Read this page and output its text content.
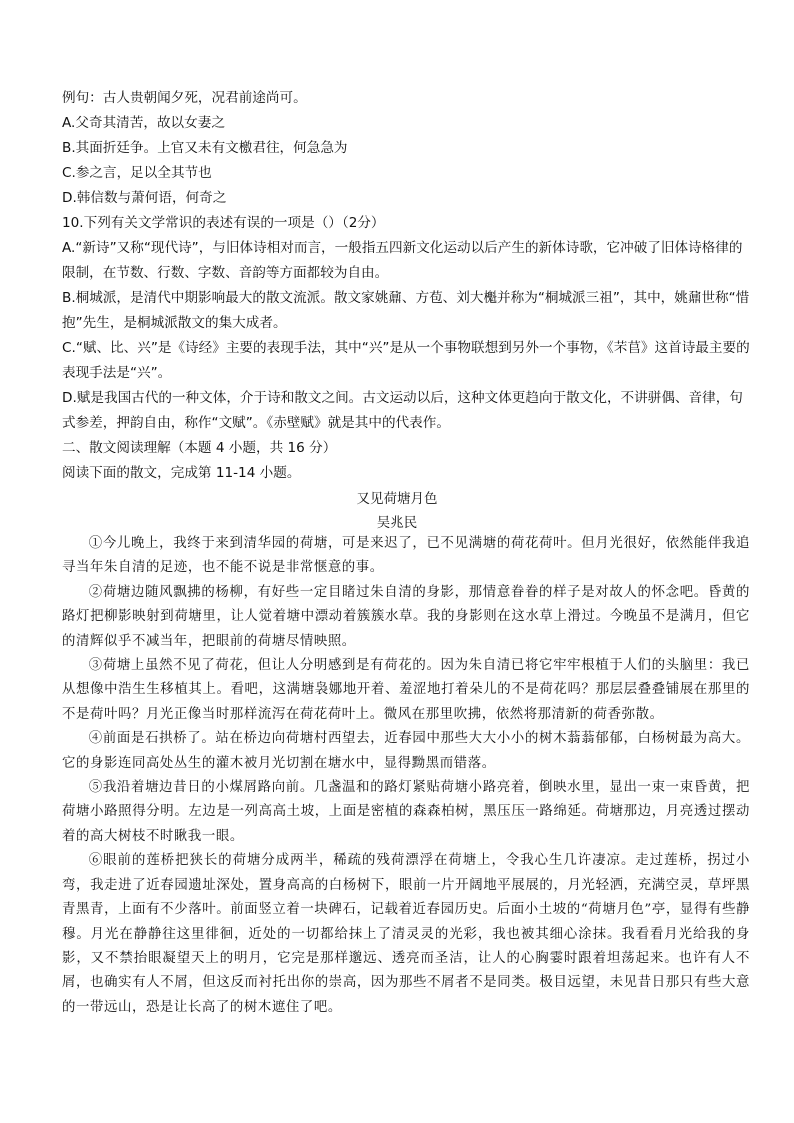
例句：古人贵朝闻夕死，况君前途尚可。

A.父奇其清苦，故以女妻之

B.其面折廷争。上官又未有文檄君往，何急急为

C.参之言，足以全其节也

D.韩信数与萧何语，何奇之

10.下列有关文学常识的表述有误的一项是（）（2分）

A.“新诗”又称“现代诗”，与旧体诗相对而言，一般指五四新文化运动以后产生的新体诗歌，它冲破了旧体诗格律的限制，在节数、行数、字数、音韵等方面都较为自由。

B.桐城派，是清代中期影响最大的散文流派。散文家姚鼐、方苞、刘大櫆并称为“桐城派三祖”，其中，姚鼐世称“惜抱”先生，是桐城派散文的集大成者。

C.“赋、比、兴”是《诗经》主要的表现手法，其中“兴”是从一个事物联想到另外一个事物，《芣苢》这首诗最主要的表现手法是“兴”。

D.赋是我国古代的一种文体，介于诗和散文之间。古文运动以后，这种文体更趋向于散文化，不讲骈偶、音律，句式参差，押韵自由，称作“文赋”。《赤壁赋》就是其中的代表作。

二、散文阅读理解（本题 4 小题，共 16 分）

阅读下面的散文，完成第 11-14 小题。

又见荷塘月色
吴兆民

①今儿晚上，我终于来到清华园的荷塘，可是来迟了，已不见满塘的荷花荷叶。但月光很好，依然能伴我追寻当年朱自清的足迹，也不能不说是非常惬意的事。

②荷塘边随风飘拂的杨柳，有好些一定目睹过朱自清的身影，那情意眷眷的样子是对故人的怀念吧。昏黄的路灯把柳影映射到荷塘里，让人觉着塘中漂动着簇簇水草。我的身影则在这水草上滑过。今晚虽不是满月，但它的清辉似乎不减当年，把眼前的荷塘尽情映照。

③荷塘上虽然不见了荷花，但让人分明感到是有荷花的。因为朱自清已将它牢牢根植于人们的头脑里：我已从想像中浩生生移植其上。看吧，这满塘袅娜地开着、羞涩地打着朵儿的不是荷花吗？那层层叠叠铺展在那里的不是荷叶吗？月光正像当时那样流泻在荷花荷叶上。微风在那里吹拂，依然将那清新的荷香弥散。

④前面是石拱桥了。站在桥边向荷塘村西望去，近春园中那些大大小小的树木蓊蓊郁郁，白杨树最为高大。它的身影连同高处丛生的灌木被月光切割在塘水中，显得黝黑而错落。

⑤我沿着塘边昔日的小煤屑路向前。几盏温和的路灯紧贴荷塘小路亮着，倒映水里，显出一束一束昏黄，把荷塘小路照得分明。左边是一列高高土坡，上面是密植的森森柏树，黑压压一路绵延。荷塘那边，月亮透过摆动着的高大树枝不时瞅我一眼。

⑥眼前的莲桥把狭长的荷塘分成两半，稀疏的残荷漂浮在荷塘上，令我心生几许凄凉。走过莲桥，拐过小弯，我走进了近春园遗址深处，置身高高的白杨树下，眼前一片开阔地平展展的，月光轻洒，充满空灵，草坪黑青黑青，上面有不少落叶。前面竖立着一块碑石，记载着近春园历史。后面小土坡的“荷塘月色”亭，显得有些静穆。月光在静静往这里徘徊，近处的一切都给抹上了清灵灵的光彩，我也被其细心涂抹。我看看月光给我的身影，又不禁抬眼凝望天上的明月，它完是那样邈远、透亮而圣洁，让人的心胸霎时跟着坦荡起来。也许有人不屑，也确实有人不屑，但这反而衬托出你的崇高，因为那些不屑者不是同类。极目远望，未见昔日那只有些大意的一带远山，恐是让长高了的树木遮住了吧。
